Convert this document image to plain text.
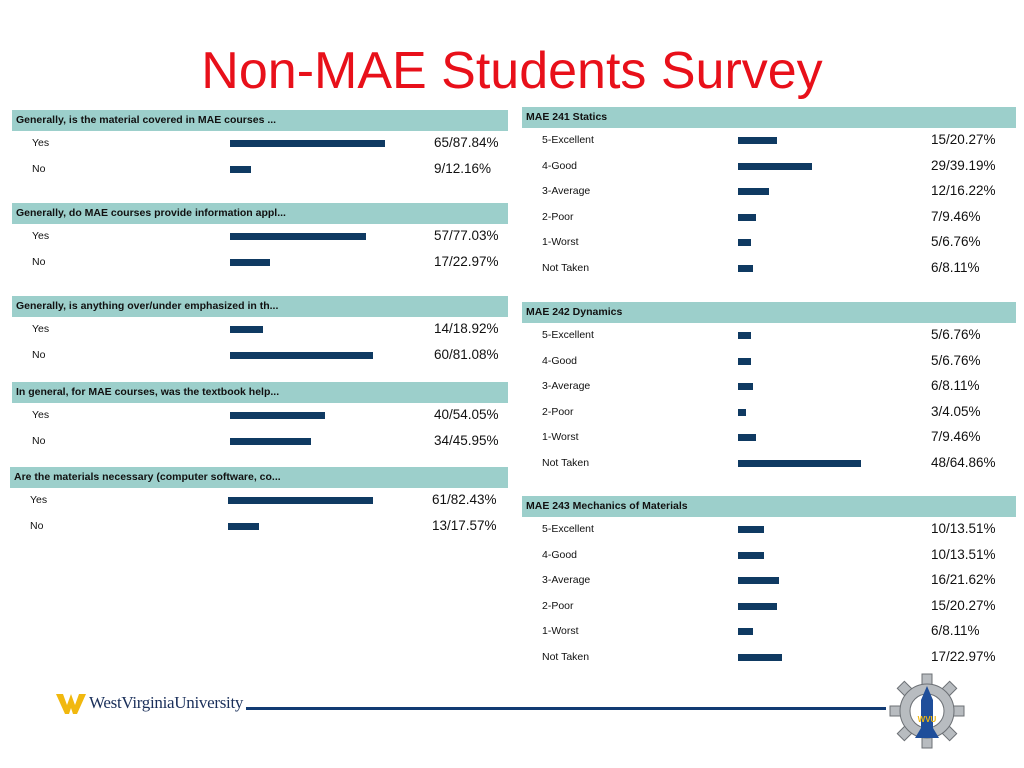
Non-MAE Students Survey
Generally, is the material covered in MAE courses ...
Yes	65/87.84%
No	9/12.16%
Generally, do MAE courses provide information appl...
Yes	57/77.03%
No	17/22.97%
Generally, is anything over/under emphasized in th...
Yes	14/18.92%
No	60/81.08%
In general, for MAE courses, was the textbook help...
Yes	40/54.05%
No	34/45.95%
Are the materials necessary (computer software, co...
Yes	61/82.43%
No	13/17.57%
MAE 241 Statics
5-Excellent	15/20.27%
4-Good	29/39.19%
3-Average	12/16.22%
2-Poor	7/9.46%
1-Worst	5/6.76%
Not Taken	6/8.11%
MAE 242 Dynamics
5-Excellent	5/6.76%
4-Good	5/6.76%
3-Average	6/8.11%
2-Poor	3/4.05%
1-Worst	7/9.46%
Not Taken	48/64.86%
MAE 243 Mechanics of Materials
5-Excellent	10/13.51%
4-Good	10/13.51%
3-Average	16/21.62%
2-Poor	15/20.27%
1-Worst	6/8.11%
Not Taken	17/22.97%
WestVirginiaUniversity
WVU
